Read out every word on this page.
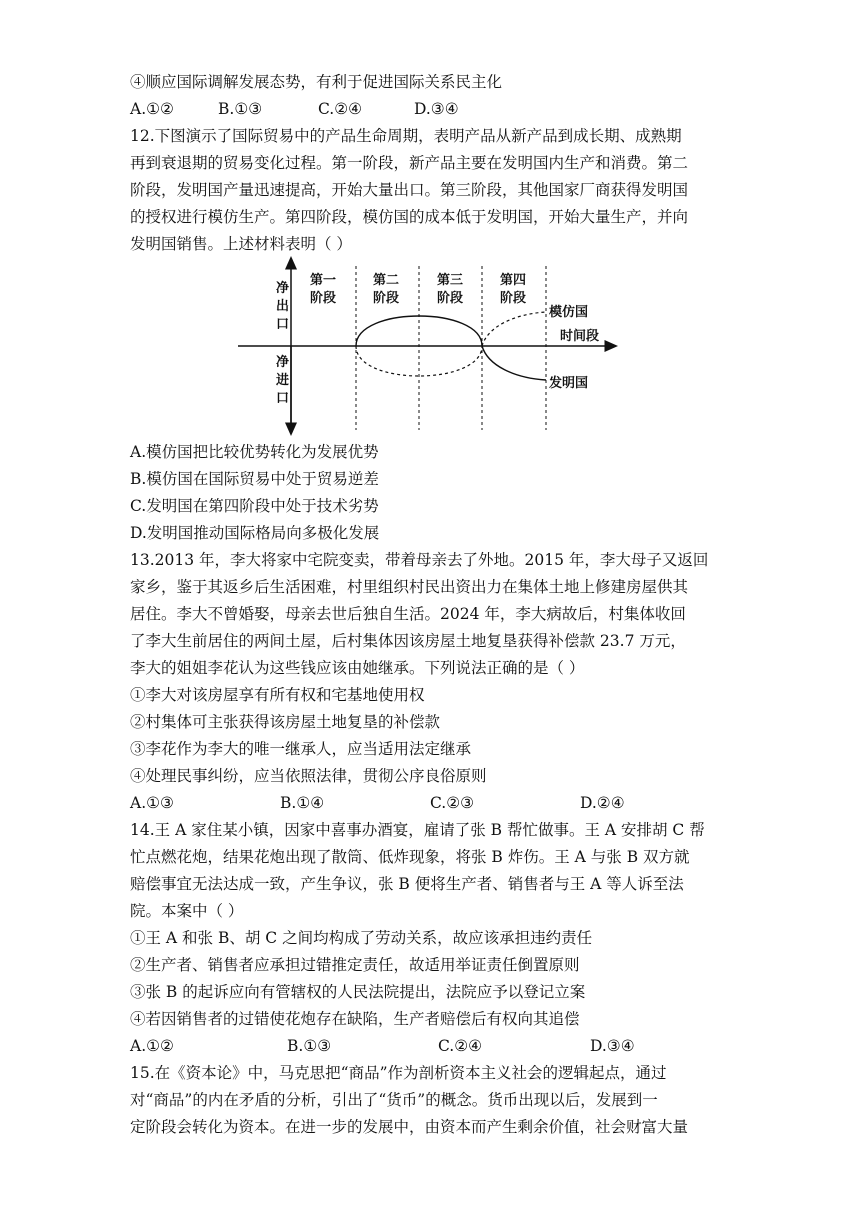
④顺应国际调解发展态势，有利于促进国际关系民主化
A.①②	B.①③	C.②④	D.③④
12.下图演示了国际贸易中的产品生命周期，表明产品从新产品到成长期、成熟期
再到衰退期的贸易变化过程。第一阶段，新产品主要在发明国内生产和消费。第二
阶段，发明国产量迅速提高，开始大量出口。第三阶段，其他国家厂商获得发明国
的授权进行模仿生产。第四阶段，模仿国的成本低于发明国，开始大量生产，并向
发明国销售。上述材料表明（ ）
净
出
口
净
进
口
第一
阶段
第二
阶段
第三
阶段
第四
阶段
模仿国
时间段
发明国
A.模仿国把比较优势转化为发展优势
B.模仿国在国际贸易中处于贸易逆差
C.发明国在第四阶段中处于技术劣势
D.发明国推动国际格局向多极化发展
13.2013 年，李大将家中宅院变卖，带着母亲去了外地。2015 年，李大母子又返回
家乡，鉴于其返乡后生活困难，村里组织村民出资出力在集体土地上修建房屋供其
居住。李大不曾婚娶，母亲去世后独自生活。2024 年，李大病故后，村集体收回
了李大生前居住的两间土屋，后村集体因该房屋土地复垦获得补偿款 23.7 万元，
李大的姐姐李花认为这些钱应该由她继承。下列说法正确的是（ ）
①李大对该房屋享有所有权和宅基地使用权
②村集体可主张获得该房屋土地复垦的补偿款
③李花作为李大的唯一继承人，应当适用法定继承
④处理民事纠纷，应当依照法律，贯彻公序良俗原则
A.①③	B.①④	C.②③	D.②④
14.王 A 家住某小镇，因家中喜事办酒宴，雇请了张 B 帮忙做事。王 A 安排胡 C 帮
忙点燃花炮，结果花炮出现了散筒、低炸现象，将张 B 炸伤。王 A 与张 B 双方就
赔偿事宜无法达成一致，产生争议，张 B 便将生产者、销售者与王 A 等人诉至法
院。本案中（ ）
①王 A 和张 B、胡 C 之间均构成了劳动关系，故应该承担违约责任
②生产者、销售者应承担过错推定责任，故适用举证责任倒置原则
③张 B 的起诉应向有管辖权的人民法院提出，法院应予以登记立案
④若因销售者的过错使花炮存在缺陷，生产者赔偿后有权向其追偿
A.①②	B.①③	C.②④	D.③④
15.在《资本论》中，马克思把“商品”作为剖析资本主义社会的逻辑起点，通过
对“商品”的内在矛盾的分析，引出了“货币”的概念。货币出现以后，发展到一
定阶段会转化为资本。在进一步的发展中，由资本而产生剩余价值，社会财富大量
